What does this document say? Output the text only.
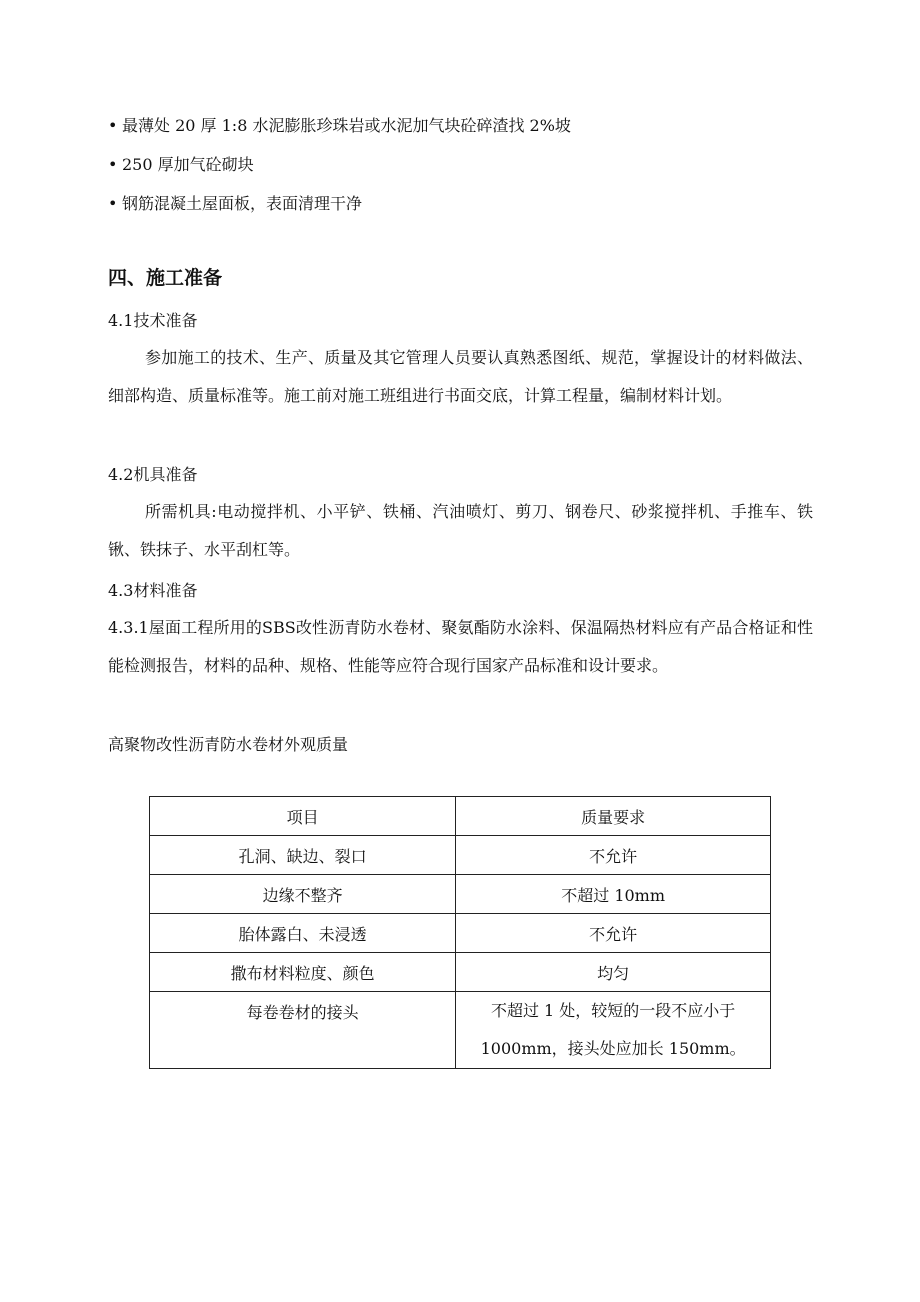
• 最薄处 20 厚 1:8 水泥膨胀珍珠岩或水泥加气块砼碎渣找 2%坡
• 250 厚加气砼砌块
• 钢筋混凝土屋面板，表面清理干净
四、施工准备
4.1技术准备
参加施工的技术、生产、质量及其它管理人员要认真熟悉图纸、规范，掌握设计的材料做法、细部构造、质量标准等。施工前对施工班组进行书面交底，计算工程量，编制材料计划。
4.2机具准备
所需机具:电动搅拌机、小平铲、铁桶、汽油喷灯、剪刀、钢卷尺、砂浆搅拌机、手推车、铁锹、铁抹子、水平刮杠等。
4.3材料准备
4.3.1屋面工程所用的SBS改性沥青防水卷材、聚氨酯防水涂料、保温隔热材料应有产品合格证和性能检测报告，材料的品种、规格、性能等应符合现行国家产品标准和设计要求。
高聚物改性沥青防水卷材外观质量
项目	质量要求
孔洞、缺边、裂口	不允许
边缘不整齐	不超过 10mm
胎体露白、未浸透	不允许
撒布材料粒度、颜色	均匀
每卷卷材的接头	不超过 1 处，较短的一段不应小于 1000mm，接头处应加长 150mm。
